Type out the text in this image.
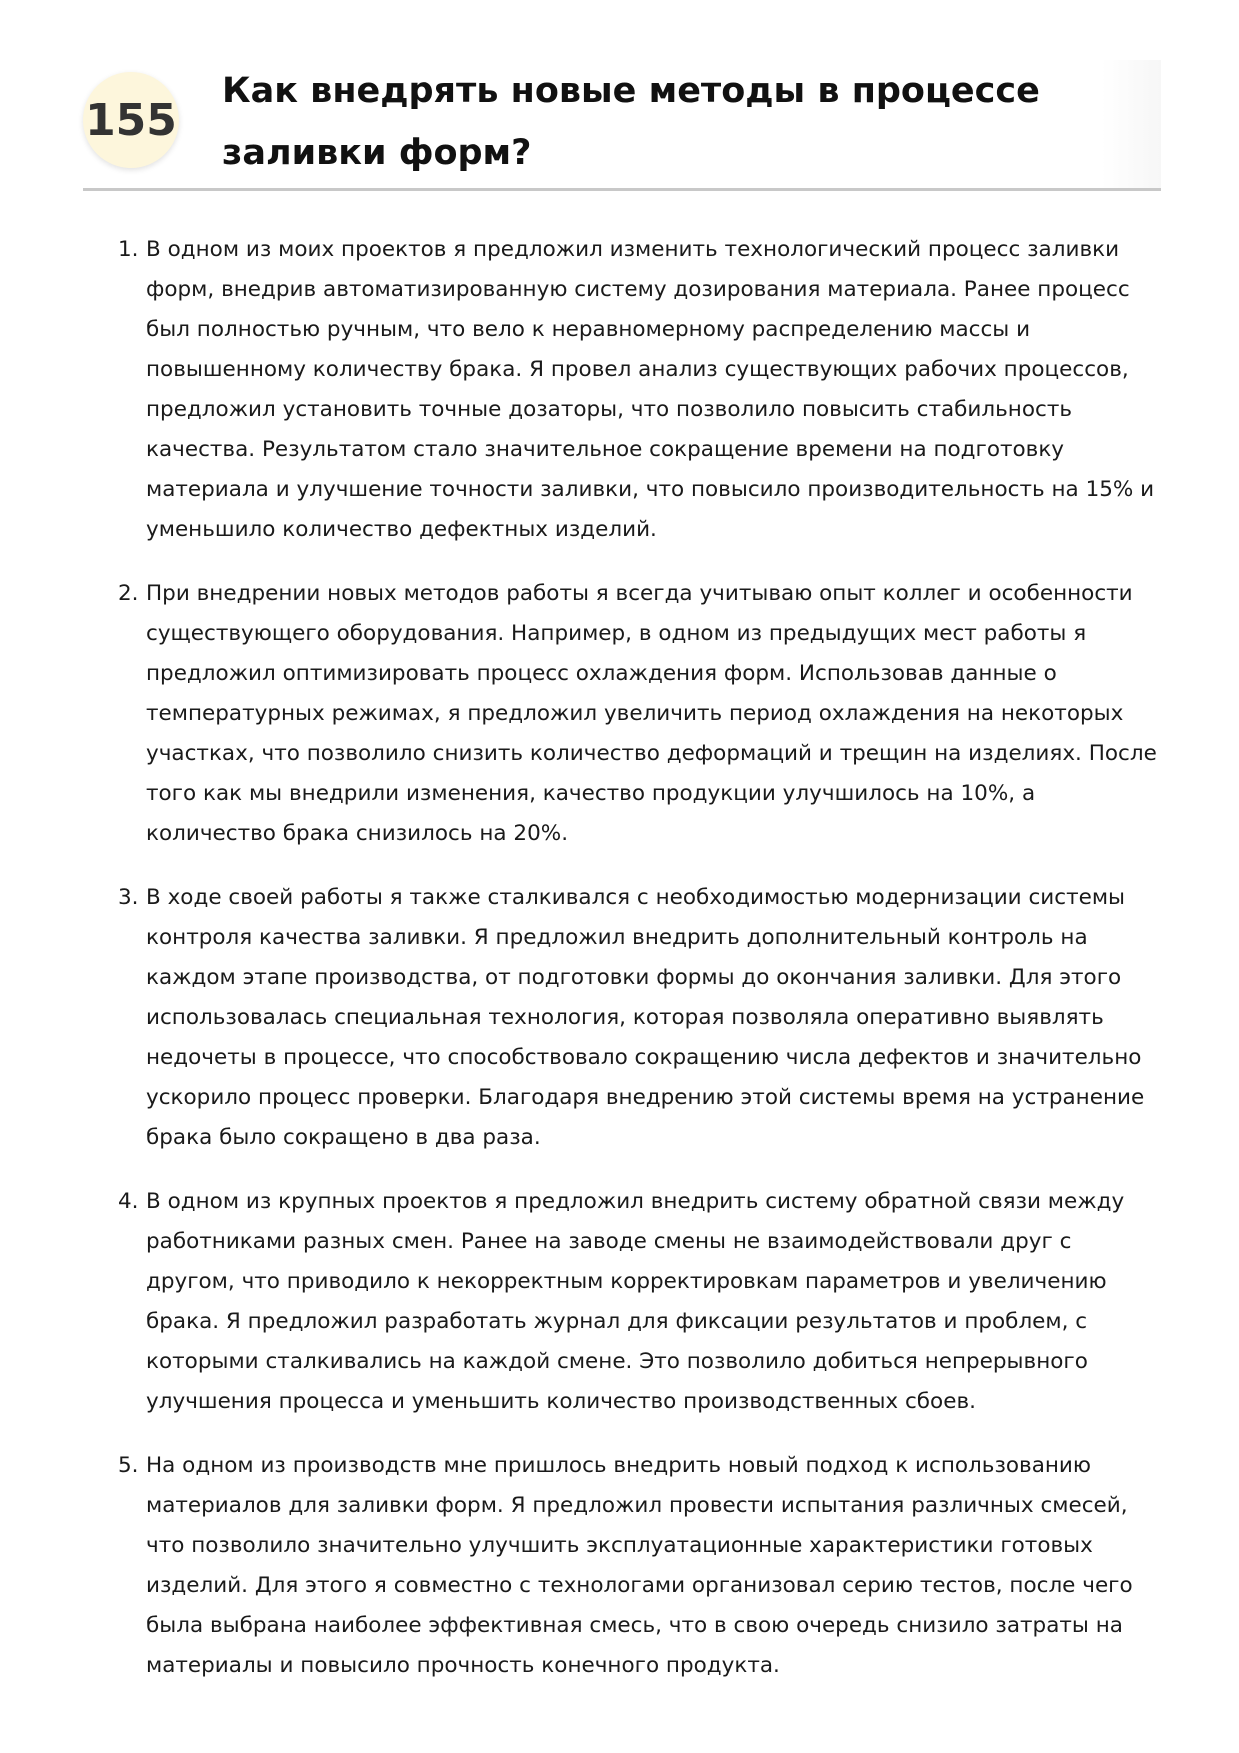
155
Как внедрять новые методы в процессе заливки форм?
1. В одном из моих проектов я предложил изменить технологический процесс заливки форм, внедрив автоматизированную систему дозирования материала. Ранее процесс был полностью ручным, что вело к неравномерному распределению массы и повышенному количеству брака. Я провел анализ существующих рабочих процессов, предложил установить точные дозаторы, что позволило повысить стабильность качества. Результатом стало значительное сокращение времени на подготовку материала и улучшение точности заливки, что повысило производительность на 15% и уменьшило количество дефектных изделий.
2. При внедрении новых методов работы я всегда учитываю опыт коллег и особенности существующего оборудования. Например, в одном из предыдущих мест работы я предложил оптимизировать процесс охлаждения форм. Использовав данные о температурных режимах, я предложил увеличить период охлаждения на некоторых участках, что позволило снизить количество деформаций и трещин на изделиях. После того как мы внедрили изменения, качество продукции улучшилось на 10%, а количество брака снизилось на 20%.
3. В ходе своей работы я также сталкивался с необходимостью модернизации системы контроля качества заливки. Я предложил внедрить дополнительный контроль на каждом этапе производства, от подготовки формы до окончания заливки. Для этого использовалась специальная технология, которая позволяла оперативно выявлять недочеты в процессе, что способствовало сокращению числа дефектов и значительно ускорило процесс проверки. Благодаря внедрению этой системы время на устранение брака было сокращено в два раза.
4. В одном из крупных проектов я предложил внедрить систему обратной связи между работниками разных смен. Ранее на заводе смены не взаимодействовали друг с другом, что приводило к некорректным корректировкам параметров и увеличению брака. Я предложил разработать журнал для фиксации результатов и проблем, с которыми сталкивались на каждой смене. Это позволило добиться непрерывного улучшения процесса и уменьшить количество производственных сбоев.
5. На одном из производств мне пришлось внедрить новый подход к использованию материалов для заливки форм. Я предложил провести испытания различных смесей, что позволило значительно улучшить эксплуатационные характеристики готовых изделий. Для этого я совместно с технологами организовал серию тестов, после чего была выбрана наиболее эффективная смесь, что в свою очередь снизило затраты на материалы и повысило прочность конечного продукта.
